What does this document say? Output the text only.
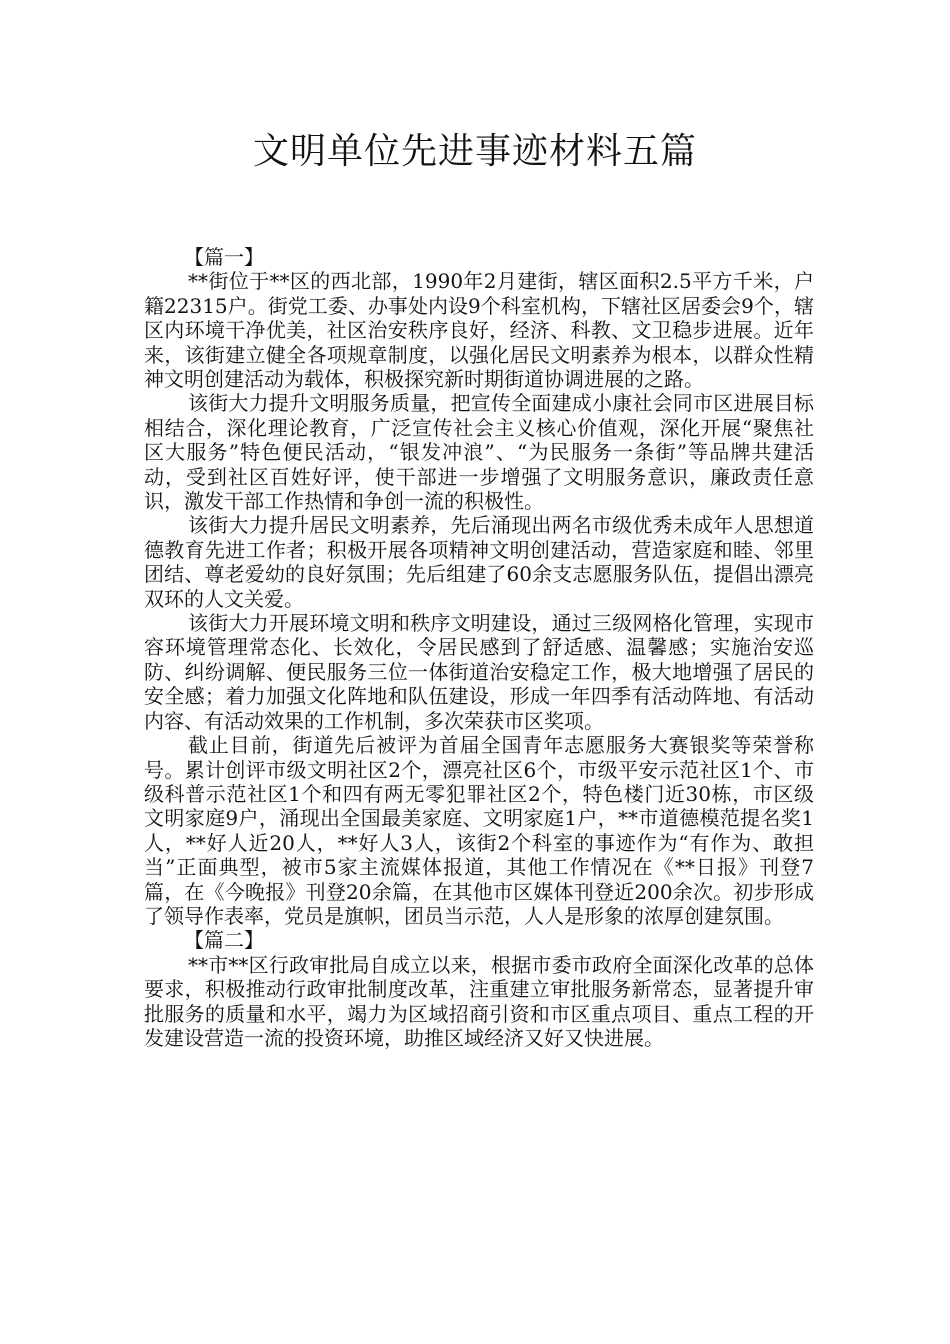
文明单位先进事迹材料五篇

【篇一】

**街位于**区的西北部，1990年2月建街，辖区面积2.5平方千米，户籍22315户。街党工委、办事处内设9个科室机构，下辖社区居委会9个，辖区内环境干净优美，社区治安秩序良好，经济、科教、文卫稳步进展。近年来，该街建立健全各项规章制度，以强化居民文明素养为根本，以群众性精神文明创建活动为载体，积极探究新时期街道协调进展的之路。

该街大力提升文明服务质量，把宣传全面建成小康社会同市区进展目标相结合，深化理论教育，广泛宣传社会主义核心价值观，深化开展“聚焦社区大服务”特色便民活动，“银发冲浪”、“为民服务一条街”等品牌共建活动，受到社区百姓好评，使干部进一步增强了文明服务意识，廉政责任意识，激发干部工作热情和争创一流的积极性。

该街大力提升居民文明素养，先后涌现出两名市级优秀未成年人思想道德教育先进工作者；积极开展各项精神文明创建活动，营造家庭和睦、邻里团结、尊老爱幼的良好氛围；先后组建了60余支志愿服务队伍，提倡出漂亮双环的人文关爱。

该街大力开展环境文明和秩序文明建设，通过三级网格化管理，实现市容环境管理常态化、长效化，令居民感到了舒适感、温馨感；实施治安巡防、纠纷调解、便民服务三位一体街道治安稳定工作，极大地增强了居民的安全感；着力加强文化阵地和队伍建设，形成一年四季有活动阵地、有活动内容、有活动效果的工作机制，多次荣获市区奖项。

截止目前，街道先后被评为首届全国青年志愿服务大赛银奖等荣誉称号。累计创评市级文明社区2个，漂亮社区6个，市级平安示范社区1个、市级科普示范社区1个和四有两无零犯罪社区2个，特色楼门近30栋，市区级文明家庭9户，涌现出全国最美家庭、文明家庭1户，**市道德模范提名奖1人，**好人近20人，**好人3人，该街2个科室的事迹作为“有作为、敢担当”正面典型，被市5家主流媒体报道，其他工作情况在《**日报》刊登7篇，在《今晚报》刊登20余篇，在其他市区媒体刊登近200余次。初步形成了领导作表率，党员是旗帜，团员当示范，人人是形象的浓厚创建氛围。

【篇二】

**市**区行政审批局自成立以来，根据市委市政府全面深化改革的总体要求，积极推动行政审批制度改革，注重建立审批服务新常态，显著提升审批服务的质量和水平，竭力为区域招商引资和市区重点项目、重点工程的开发建设营造一流的投资环境，助推区域经济又好又快进展。
